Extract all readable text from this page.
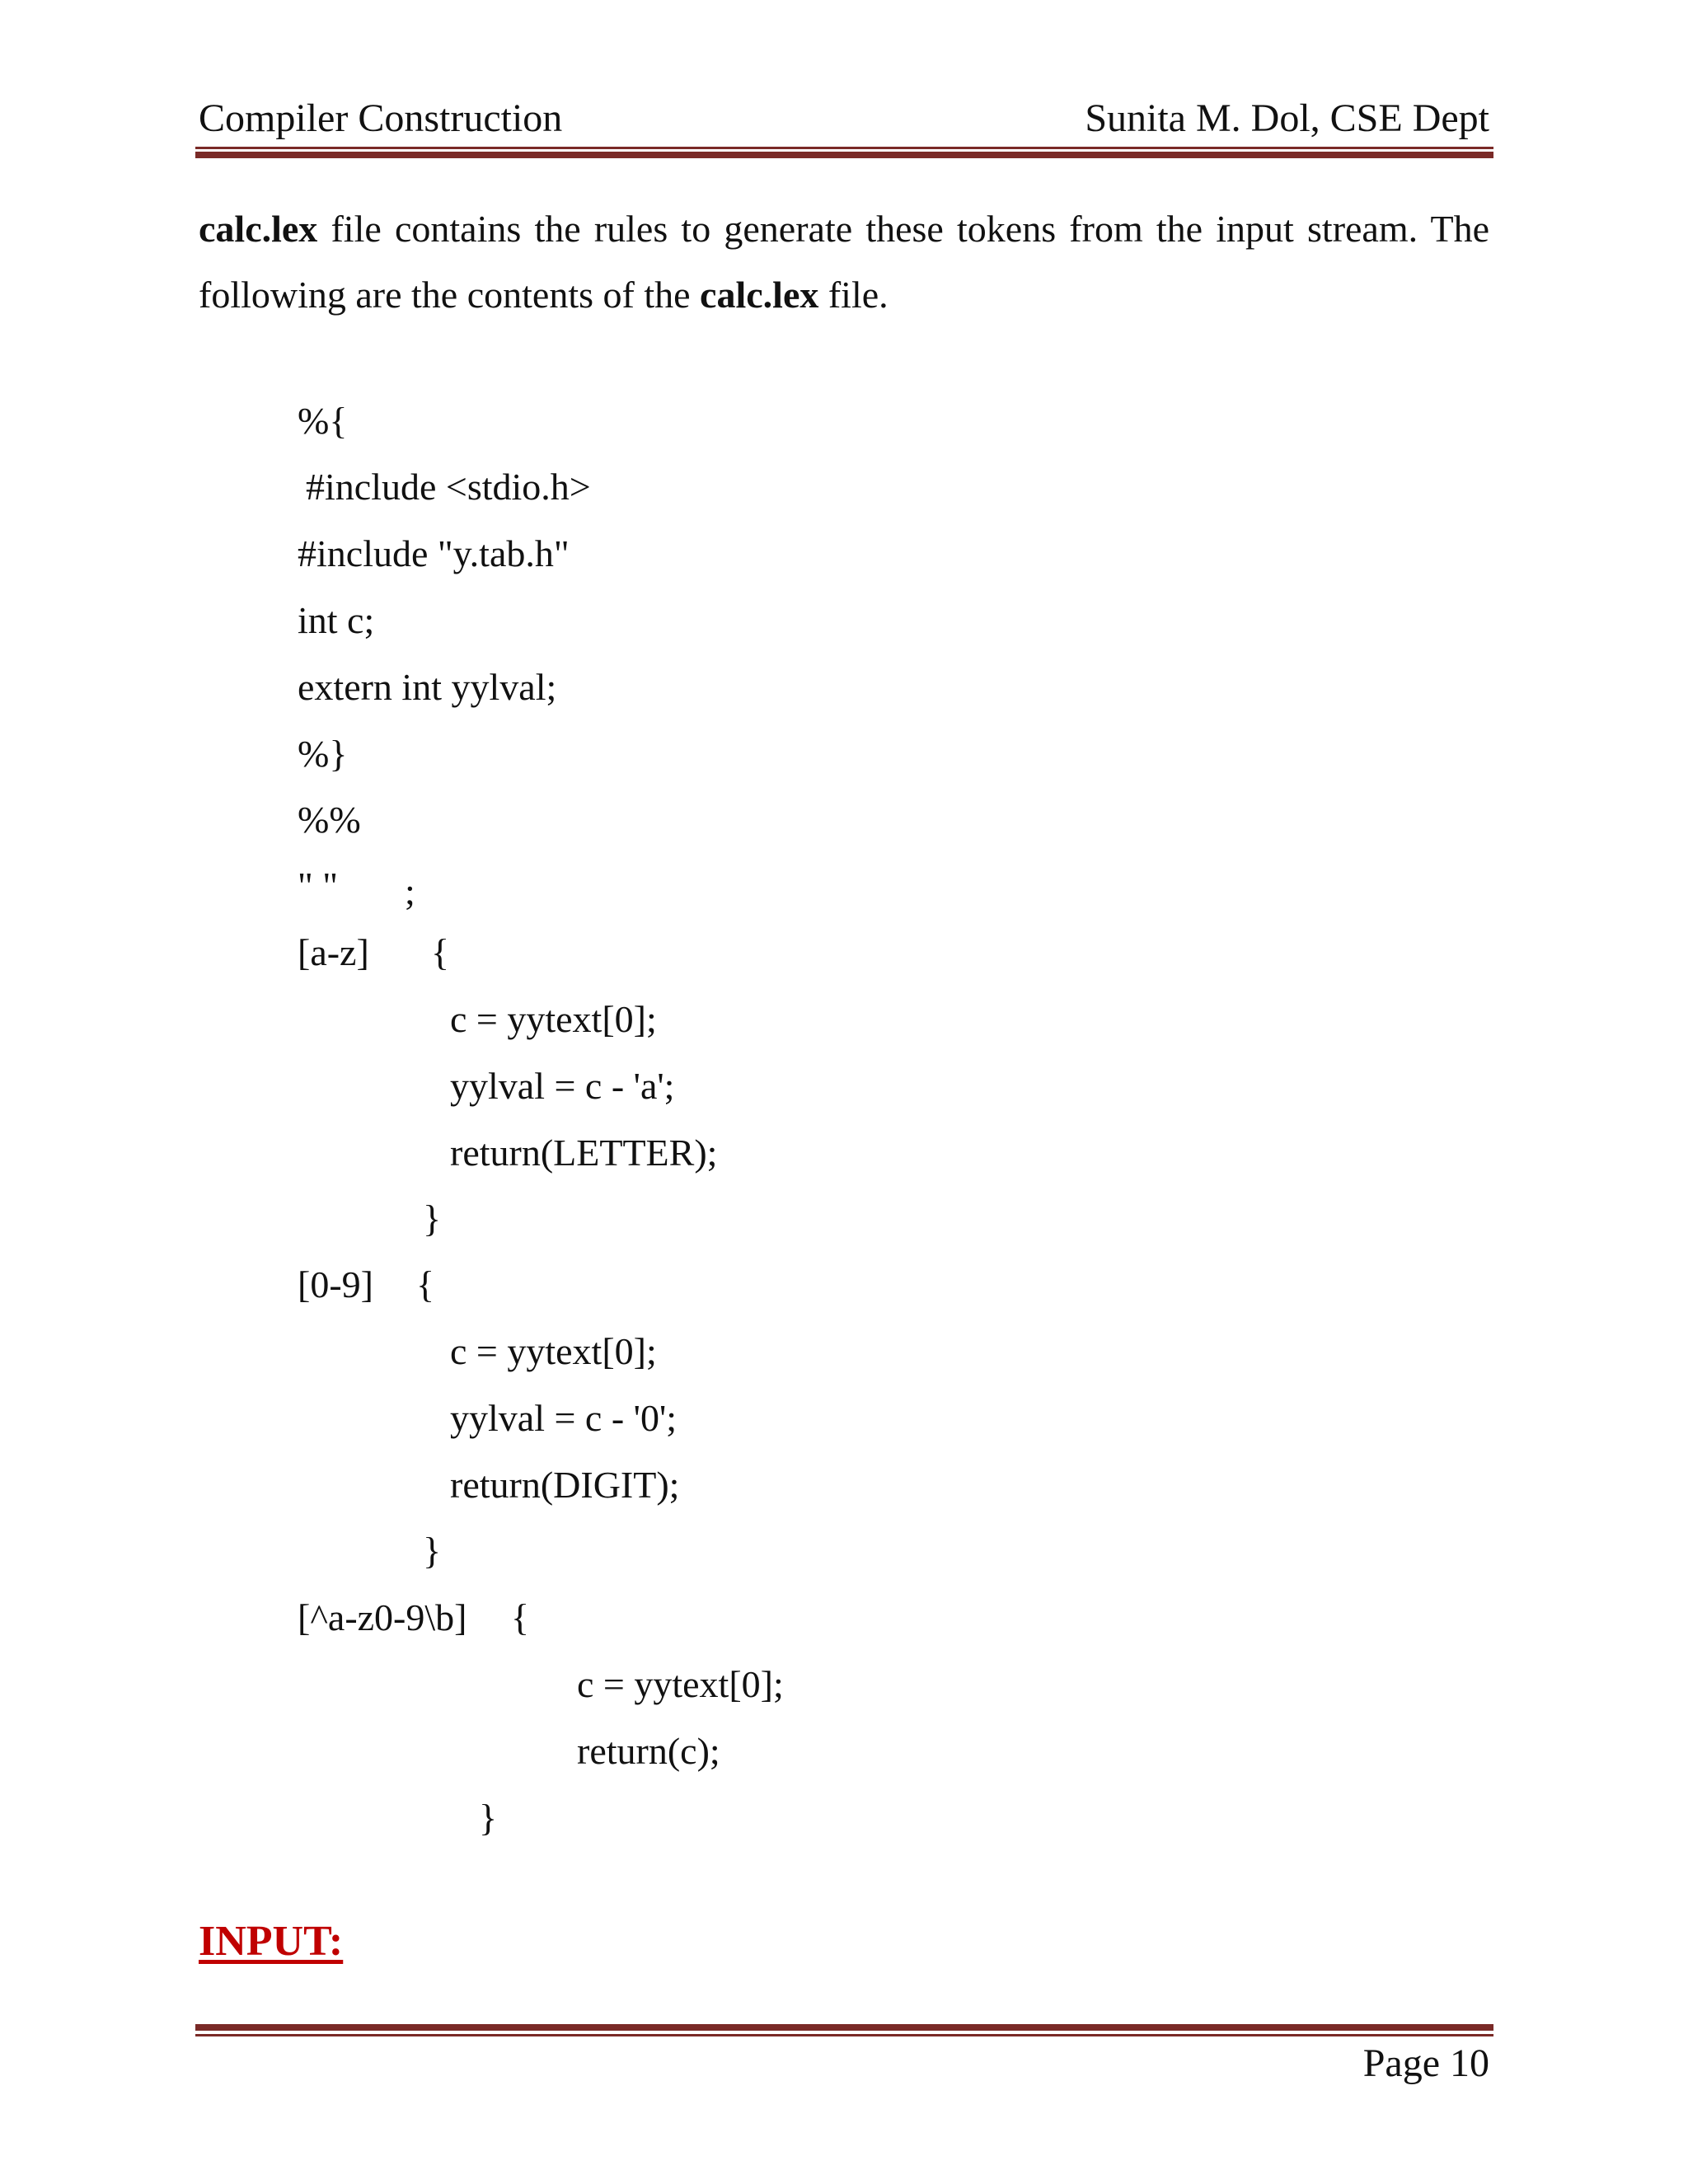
Compiler Construction	Sunita M. Dol, CSE Dept
calc.lex file contains the rules to generate these tokens from the input stream. The
following are the contents of the calc.lex file.
%{
#include <stdio.h>
#include "y.tab.h"
int c;
extern int yylval;
%}
%%
" " ;
[a-z] {
c = yytext[0];
yylval = c - 'a';
return(LETTER);
}
[0-9] {
c = yytext[0];
yylval = c - '0';
return(DIGIT);
}
[^a-z0-9\b] {
c = yytext[0];
return(c);
}
INPUT:
Page 10
